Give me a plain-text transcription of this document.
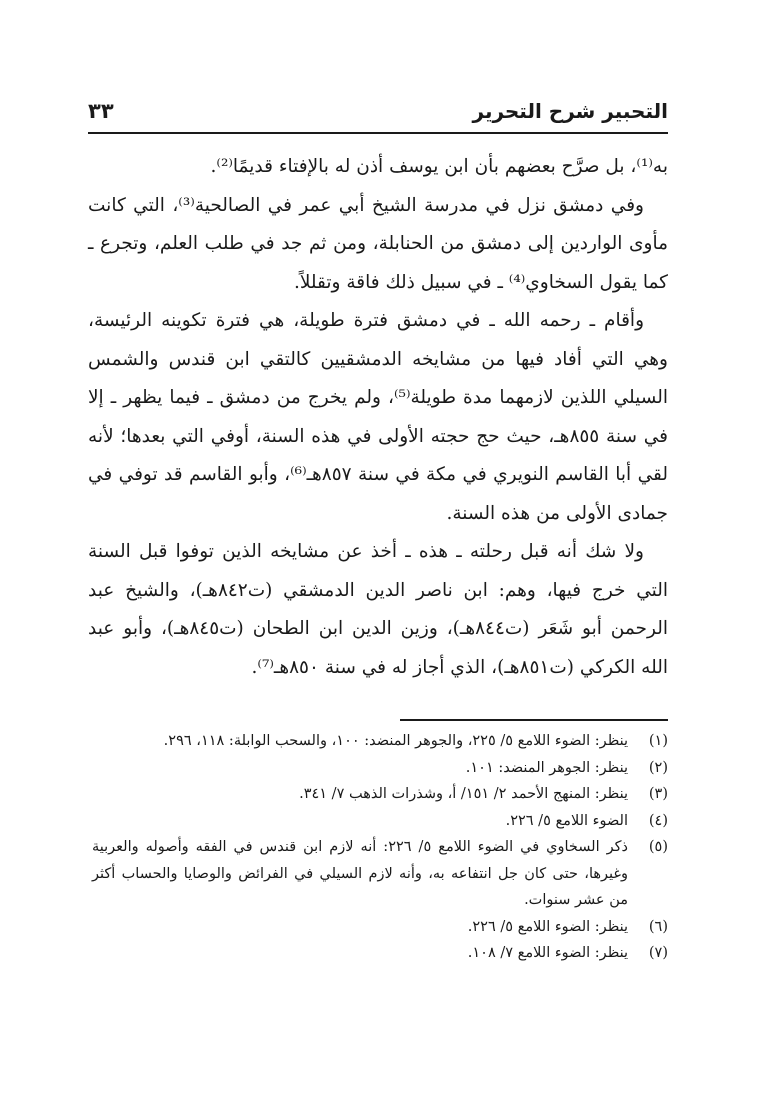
التحبير شرح التحرير
٣٣

به⁽¹⁾، بل صرَّح بعضهم بأن ابن يوسف أذن له بالإفتاء قديمًا⁽²⁾.

وفي دمشق نزل في مدرسة الشيخ أبي عمر في الصالحية⁽³⁾، التي كانت مأوى الواردين إلى دمشق من الحنابلة، ومن ثم جد في طلب العلم، وتجرع ـ كما يقول السخاوي⁽⁴⁾ ـ في سبيل ذلك فاقة وتقللاً.

وأقام ـ رحمه الله ـ في دمشق فترة طويلة، هي فترة تكوينه الرئيسة، وهي التي أفاد فيها من مشايخه الدمشقيين كالتقي ابن قندس والشمس السيلي اللذين لازمهما مدة طويلة⁽⁵⁾، ولم يخرج من دمشق ـ فيما يظهر ـ إلا في سنة ٨٥٥هـ، حيث حج حجته الأولى في هذه السنة، أوفي التي بعدها؛ لأنه لقي أبا القاسم النويري في مكة في سنة ٨٥٧هـ⁽⁶⁾، وأبو القاسم قد توفي في جمادى الأولى من هذه السنة.

ولا شك أنه قبل رحلته ـ هذه ـ أخذ عن مشايخه الذين توفوا قبل السنة التي خرج فيها، وهم: ابن ناصر الدين الدمشقي (ت٨٤٢هـ)، والشيخ عبد الرحمن أبو شَعَر (ت٨٤٤هـ)، وزين الدين ابن الطحان (ت٨٤٥هـ)، وأبو عبد الله الكركي (ت٨٥١هـ)، الذي أجاز له في سنة ٨٥٠هـ⁽⁷⁾.

(١)
ينظر: الضوء اللامع ٥/ ٢٢٥، والجوهر المنضد: ١٠٠، والسحب الوابلة: ١١٨، ٢٩٦.
(٢)
ينظر: الجوهر المنضد: ١٠١.
(٣)
ينظر: المنهج الأحمد ٢/ ١٥١/ أ، وشذرات الذهب ٧/ ٣٤١.
(٤)
الضوء اللامع ٥/ ٢٢٦.
(٥)
ذكر السخاوي في الضوء اللامع ٥/ ٢٢٦: أنه لازم ابن قندس في الفقه وأصوله والعربية وغيرها، حتى كان جل انتفاعه به، وأنه لازم السيلي في الفرائض والوصايا والحساب أكثر من عشر سنوات.
(٦)
ينظر: الضوء اللامع ٥/ ٢٢٦.
(٧)
ينظر: الضوء اللامع ٧/ ١٠٨.
